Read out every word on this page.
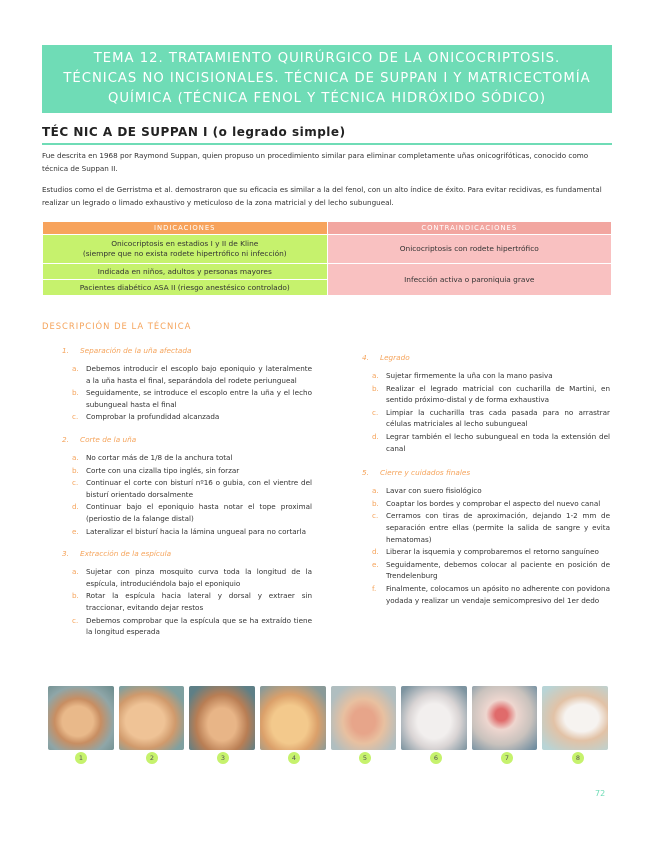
TEMA 12. TRATAMIENTO QUIRÚRGICO DE LA ONICOCRIPTOSIS.
TÉCNICAS NO INCISIONALES. TÉCNICA DE SUPPAN I Y MATRICECTOMÍA
QUÍMICA (TÉCNICA FENOL Y TÉCNICA HIDRÓXIDO SÓDICO)
TÉC NIC A DE SUPPAN I (o legrado simple)
Fue descrita en 1968 por Raymond Suppan, quien propuso un procedimiento similar para eliminar completamente uñas onicogrifóticas, conocido como técnica de Suppan II.
Estudios como el de Gerristma et al. demostraron que su eficacia es similar a la del fenol, con un alto índice de éxito. Para evitar recidivas, es fundamental realizar un legrado o limado exhaustivo y meticuloso de la zona matricial y del lecho subungueal.
INDICACIONES	CONTRAINDICACIONES
Onicocriptosis en estadios I y II de Kline
(siempre que no exista rodete hipertrófico ni infección)	Onicocriptosis con rodete hipertrófico
Indicada en niños, adultos y personas mayores	Infección activa o paroniquia grave
Pacientes diabético ASA II (riesgo anestésico controlado)	
DESCRIPCIÓN DE LA TÉCNICA
1.	Separación de la uña afectada
a.	Debemos introducir el escoplo bajo eponiquio y lateralmente a la uña hasta el final, separándola del rodete periungueal
b. Seguidamente, se introduce el escoplo entre la uña y el lecho subungueal hasta el final
c.	Comprobar la profundidad alcanzada
2.	Corte de la uña
a.	No cortar más de 1/8 de la anchura total
b. Corte con una cizalla tipo inglés, sin forzar
c.	Continuar el corte con bisturí nº16 o gubia, con el vientre del bisturí orientado dorsalmente
d. Continuar bajo el eponiquio hasta notar el tope proximal (periostio de la falange distal)
e.	Lateralizar el bisturí hacia la lámina ungueal para no cortarla
3.	Extracción de la espícula
a.	Sujetar con pinza mosquito curva toda la longitud de la espícula, introduciéndola bajo el eponiquio
b. Rotar la espícula hacia lateral y dorsal y extraer sin traccionar, evitando dejar restos
c.	Debemos comprobar que la espícula que se ha extraído tiene la longitud esperada
4.	Legrado
a.	Sujetar firmemente la uña con la mano pasiva
b. Realizar el legrado matricial con cucharilla de Martini, en sentido próximo-distal y de forma exhaustiva
c.	Limpiar la cucharilla tras cada pasada para no arrastrar células matriciales al lecho subungueal
d. Legrar también el lecho subungueal en toda la extensión del canal
5.	Cierre y cuidados finales
a.	Lavar con suero fisiológico
b. Coaptar los bordes y comprobar el aspecto del nuevo canal
c.	Cerramos con tiras de aproximación, dejando 1-2 mm de separación entre ellas (permite la salida de sangre y evita hematomas)
d. Liberar la isquemia y comprobaremos el retorno sanguíneo
e.	Seguidamente, debemos colocar al paciente en posición de Trendelenburg
f.	Finalmente, colocamos un apósito no adherente con povidona yodada y realizar un vendaje semicompresivo del 1er dedo
1	2	3	4	5	6	7	8
72
